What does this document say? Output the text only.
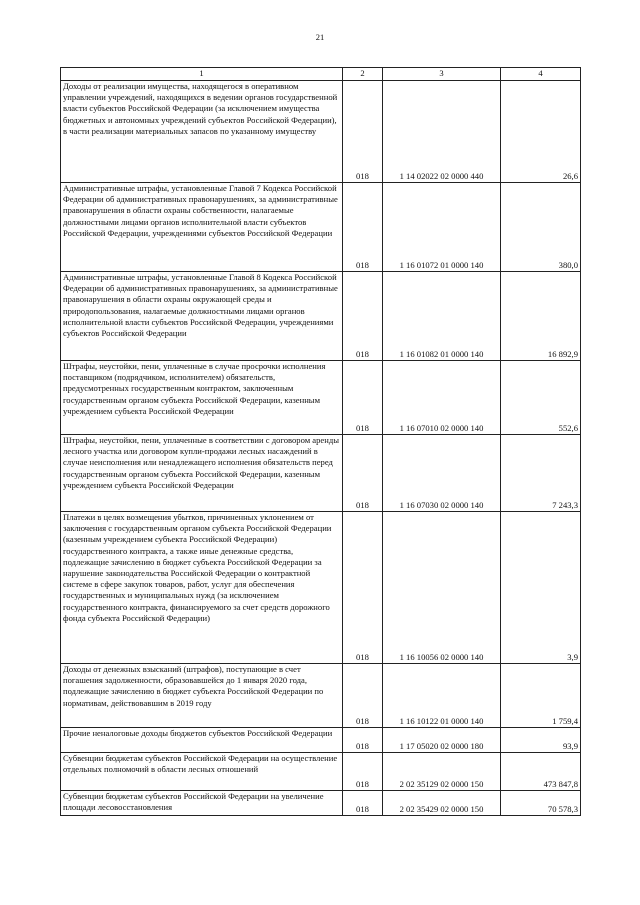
21
1	2	3	4
Доходы от реализации имущества, находящегося в оперативном управлении учреждений, находящихся в ведении органов государственной власти субъектов Российской Федерации (за исключением имущества бюджетных и автономных учреждений субъектов Российской Федерации), в части реализации материальных запасов по указанному имуществу	018	1 14 02022 02 0000 440	26,6
Административные штрафы, установленные Главой 7 Кодекса Российской Федерации об административных правонарушениях, за административные правонарушения в области охраны собственности, налагаемые должностными лицами органов исполнительной власти субъектов Российской Федерации, учреждениями субъектов Российской Федерации	018	1 16 01072 01 0000 140	380,0
Административные штрафы, установленные Главой 8 Кодекса Российской Федерации об административных правонарушениях, за административные правонарушения в области охраны окружающей среды и природопользования, налагаемые должностными лицами органов исполнительной власти субъектов Российской Федерации, учреждениями субъектов Российской Федерации	018	1 16 01082 01 0000 140	16 892,9
Штрафы, неустойки, пени, уплаченные в случае просрочки исполнения поставщиком (подрядчиком, исполнителем) обязательств, предусмотренных государственным контрактом, заключенным государственным органом субъекта Российской Федерации, казенным учреждением субъекта Российской Федерации	018	1 16 07010 02 0000 140	552,6
Штрафы, неустойки, пени, уплаченные в соответствии с договором аренды лесного участка или договором купли-продажи лесных насаждений в случае неисполнения или ненадлежащего исполнения обязательств перед государственным органом субъекта Российской Федерации, казенным учреждением субъекта Российской Федерации	018	1 16 07030 02 0000 140	7 243,3
Платежи в целях возмещения убытков, причиненных уклонением от заключения с государственным органом субъекта Российской Федерации (казенным учреждением субъекта Российской Федерации) государственного контракта, а также иные денежные средства, подлежащие зачислению в бюджет субъекта Российской Федерации за нарушение законодательства Российской Федерации о контрактной системе в сфере закупок товаров, работ, услуг для обеспечения государственных и муниципальных нужд (за исключением государственного контракта, финансируемого за счет средств дорожного фонда субъекта Российской Федерации)	018	1 16 10056 02 0000 140	3,9
Доходы от денежных взысканий (штрафов), поступающие в счет погашения задолженности, образовавшейся до 1 января 2020 года, подлежащие зачислению в бюджет субъекта Российской Федерации по нормативам, действовавшим в 2019 году	018	1 16 10122 01 0000 140	1 759,4
Прочие неналоговые доходы бюджетов субъектов Российской Федерации	018	1 17 05020 02 0000 180	93,9
Субвенции бюджетам субъектов Российской Федерации на осуществление отдельных полномочий в области лесных отношений	018	2 02 35129 02 0000 150	473 847,8
Субвенции бюджетам субъектов Российской Федерации на увеличение площади лесовосстановления	018	2 02 35429 02 0000 150	70 578,3
